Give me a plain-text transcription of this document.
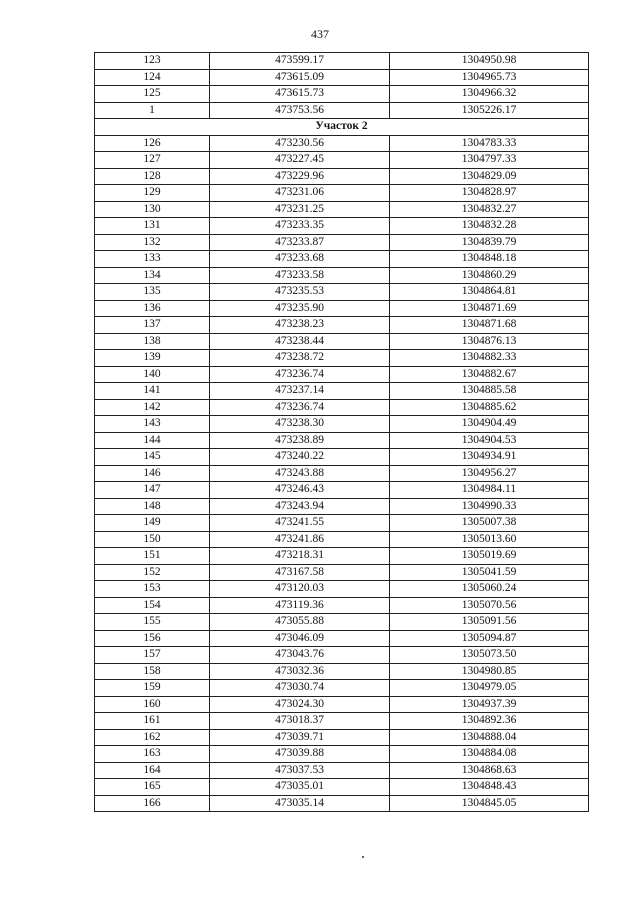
437
123	473599.17	1304950.98
124	473615.09	1304965.73
125	473615.73	1304966.32
1	473753.56	1305226.17
Участок 2		
126	473230.56	1304783.33
127	473227.45	1304797.33
128	473229.96	1304829.09
129	473231.06	1304828.97
130	473231.25	1304832.27
131	473233.35	1304832.28
132	473233.87	1304839.79
133	473233.68	1304848.18
134	473233.58	1304860.29
135	473235.53	1304864.81
136	473235.90	1304871.69
137	473238.23	1304871.68
138	473238.44	1304876.13
139	473238.72	1304882.33
140	473236.74	1304882.67
141	473237.14	1304885.58
142	473236.74	1304885.62
143	473238.30	1304904.49
144	473238.89	1304904.53
145	473240.22	1304934.91
146	473243.88	1304956.27
147	473246.43	1304984.11
148	473243.94	1304990.33
149	473241.55	1305007.38
150	473241.86	1305013.60
151	473218.31	1305019.69
152	473167.58	1305041.59
153	473120.03	1305060.24
154	473119.36	1305070.56
155	473055.88	1305091.56
156	473046.09	1305094.87
157	473043.76	1305073.50
158	473032.36	1304980.85
159	473030.74	1304979.05
160	473024.30	1304937.39
161	473018.37	1304892.36
162	473039.71	1304888.04
163	473039.88	1304884.08
164	473037.53	1304868.63
165	473035.01	1304848.43
166	473035.14	1304845.05
